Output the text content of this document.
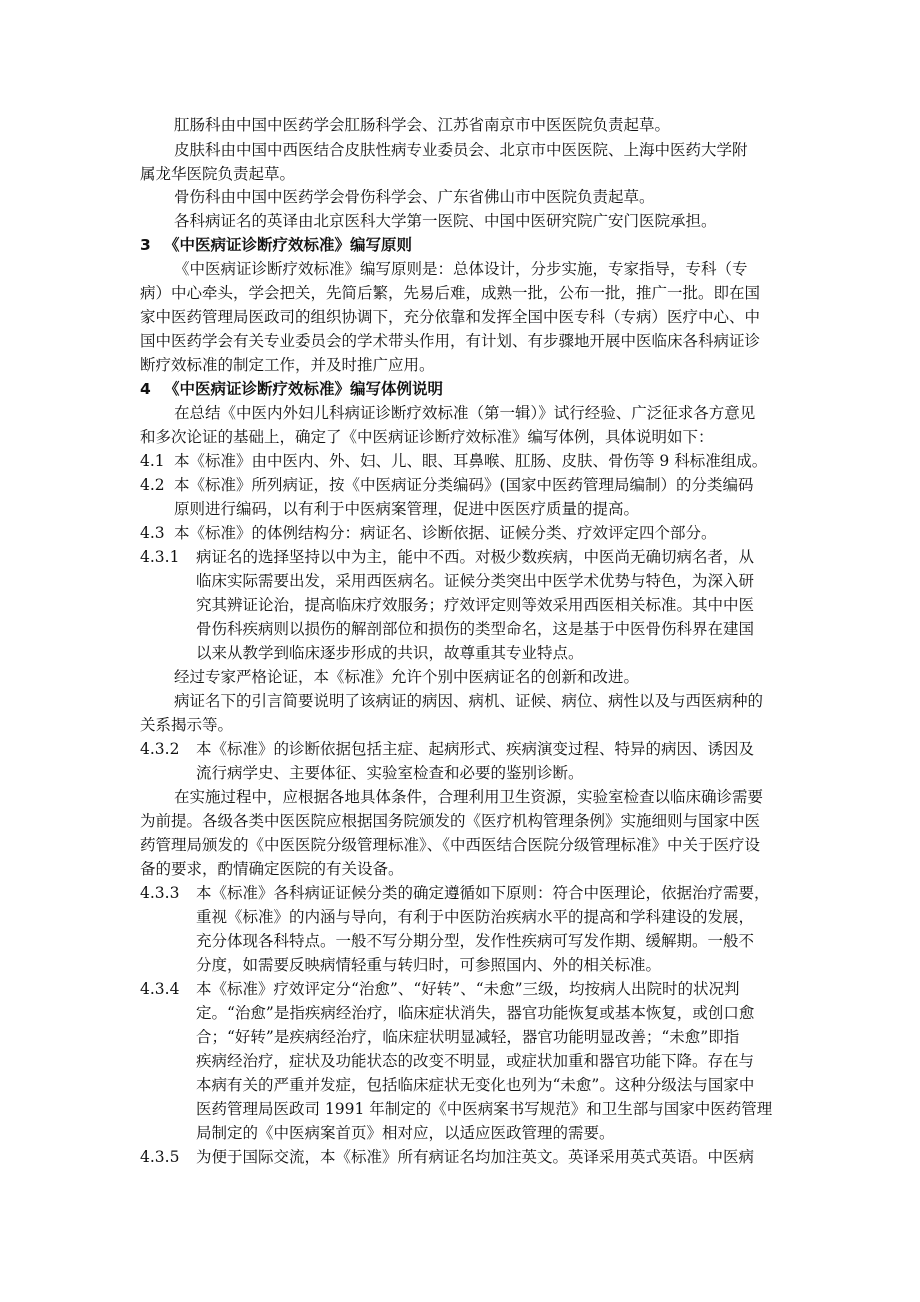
肛肠科由中国中医药学会肛肠科学会、江苏省南京市中医医院负责起草。
皮肤科由中国中西医结合皮肤性病专业委员会、北京市中医医院、上海中医药大学附
属龙华医院负责起草。
骨伤科由中国中医药学会骨伤科学会、广东省佛山市中医院负责起草。
各科病证名的英译由北京医科大学第一医院、中国中医研究院广安门医院承担。
3 《中医病证诊断疗效标准》编写原则
《中医病证诊断疗效标准》编写原则是：总体设计，分步实施，专家指导，专科（专
病）中心牵头，学会把关，先简后繁，先易后难，成熟一批，公布一批，推广一批。即在国
家中医药管理局医政司的组织协调下，充分依靠和发挥全国中医专科（专病）医疗中心、中
国中医药学会有关专业委员会的学术带头作用，有计划、有步骤地开展中医临床各科病证诊
断疗效标准的制定工作，并及时推广应用。
4 《中医病证诊断疗效标准》编写体例说明
在总结《中医内外妇儿科病证诊断疗效标准（第一辑）》试行经验、广泛征求各方意见
和多次论证的基础上，确定了《中医病证诊断疗效标准》编写体例，具体说明如下：
4.1 本《标准》由中医内、外、妇、儿、眼、耳鼻喉、肛肠、皮肤、骨伤等 9 科标准组成。
4.2 本《标准》所列病证，按《中医病证分类编码》(国家中医药管理局编制）的分类编码
原则进行编码，以有利于中医病案管理，促进中医医疗质量的提高。
4.3 本《标准》的体例结构分：病证名、诊断依据、证候分类、疗效评定四个部分。
4.3.1 病证名的选择坚持以中为主，能中不西。对极少数疾病，中医尚无确切病名者，从
临床实际需要出发，采用西医病名。证候分类突出中医学术优势与特色，为深入研
究其辨证论治，提高临床疗效服务；疗效评定则等效采用西医相关标准。其中中医
骨伤科疾病则以损伤的解剖部位和损伤的类型命名，这是基于中医骨伤科界在建国
以来从教学到临床逐步形成的共识，故尊重其专业特点。
经过专家严格论证，本《标准》允许个别中医病证名的创新和改进。
病证名下的引言简要说明了该病证的病因、病机、证候、病位、病性以及与西医病种的
关系揭示等。
4.3.2 本《标准》的诊断依据包括主症、起病形式、疾病演变过程、特异的病因、诱因及
流行病学史、主要体征、实验室检查和必要的鉴别诊断。
在实施过程中，应根据各地具体条件，合理利用卫生资源，实验室检查以临床确诊需要
为前提。各级各类中医医院应根据国务院颁发的《医疗机构管理条例》实施细则与国家中医
药管理局颁发的《中医医院分级管理标准》、《中西医结合医院分级管理标准》中关于医疗设
备的要求，酌情确定医院的有关设备。
4.3.3 本《标准》各科病证证候分类的确定遵循如下原则：符合中医理论，依据治疗需要，
重视《标准》的内涵与导向，有利于中医防治疾病水平的提高和学科建设的发展，
充分体现各科特点。一般不写分期分型，发作性疾病可写发作期、缓解期。一般不
分度，如需要反映病情轻重与转归时，可参照国内、外的相关标准。
4.3.4 本《标准》疗效评定分“治愈”、“好转”、“未愈”三级，均按病人出院时的状况判
定。“治愈”是指疾病经治疗，临床症状消失，器官功能恢复或基本恢复，或创口愈
合；“好转”是疾病经治疗，临床症状明显减轻，器官功能明显改善；“未愈”即指
疾病经治疗，症状及功能状态的改变不明显，或症状加重和器官功能下降。存在与
本病有关的严重并发症，包括临床症状无变化也列为“未愈”。这种分级法与国家中
医药管理局医政司 1991 年制定的《中医病案书写规范》和卫生部与国家中医药管理
局制定的《中医病案首页》相对应，以适应医政管理的需要。
4.3.5 为便于国际交流，本《标准》所有病证名均加注英文。英译采用英式英语。中医病
